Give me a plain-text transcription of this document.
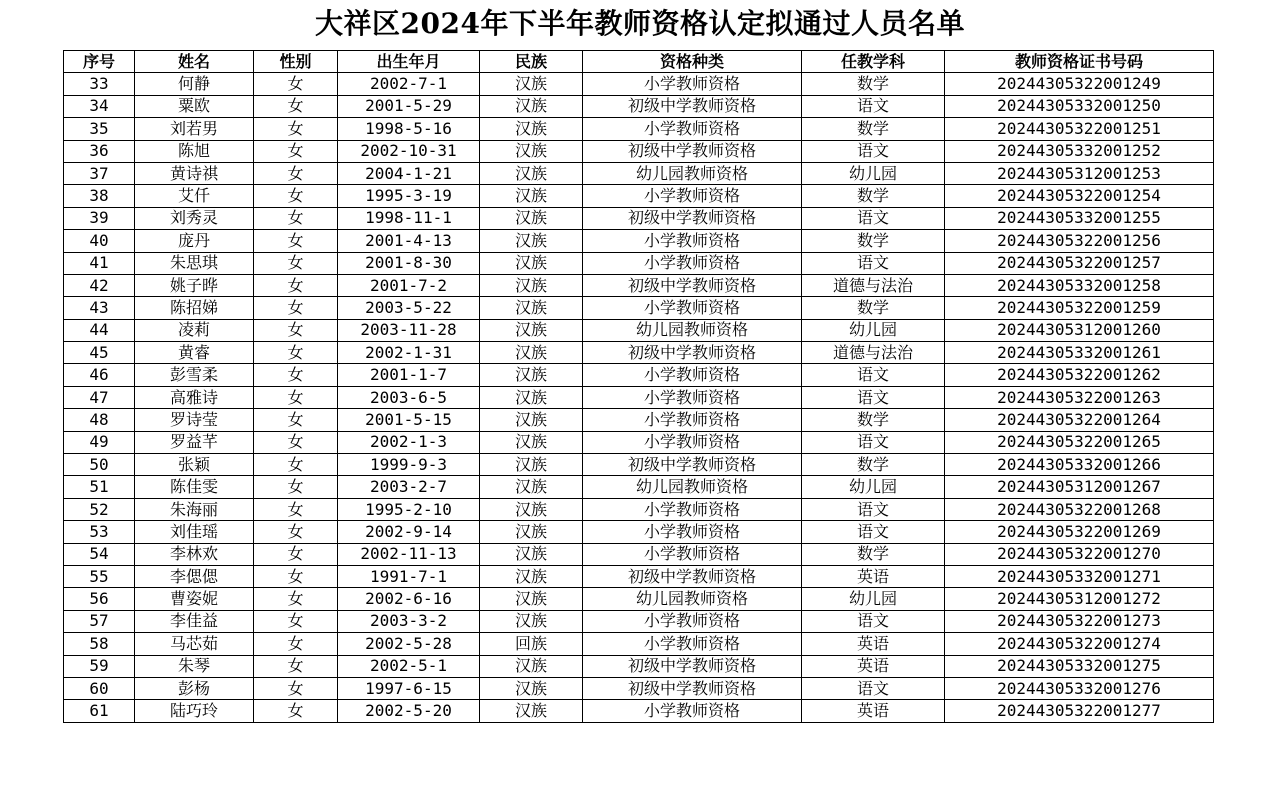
大祥区2024年下半年教师资格认定拟通过人员名单
序号	姓名	性别	出生年月	民族	资格种类	任教学科	教师资格证书号码
33	何静	女	2002-7-1	汉族	小学教师资格	数学	20244305322001249
34	粟欧	女	2001-5-29	汉族	初级中学教师资格	语文	20244305332001250
35	刘若男	女	1998-5-16	汉族	小学教师资格	数学	20244305322001251
36	陈旭	女	2002-10-31	汉族	初级中学教师资格	语文	20244305332001252
37	黄诗祺	女	2004-1-21	汉族	幼儿园教师资格	幼儿园	20244305312001253
38	艾仟	女	1995-3-19	汉族	小学教师资格	数学	20244305322001254
39	刘秀灵	女	1998-11-1	汉族	初级中学教师资格	语文	20244305332001255
40	庞丹	女	2001-4-13	汉族	小学教师资格	数学	20244305322001256
41	朱思琪	女	2001-8-30	汉族	小学教师资格	语文	20244305322001257
42	姚子晔	女	2001-7-2	汉族	初级中学教师资格	道德与法治	20244305332001258
43	陈招娣	女	2003-5-22	汉族	小学教师资格	数学	20244305322001259
44	凌莉	女	2003-11-28	汉族	幼儿园教师资格	幼儿园	20244305312001260
45	黄睿	女	2002-1-31	汉族	初级中学教师资格	道德与法治	20244305332001261
46	彭雪柔	女	2001-1-7	汉族	小学教师资格	语文	20244305322001262
47	高雅诗	女	2003-6-5	汉族	小学教师资格	语文	20244305322001263
48	罗诗莹	女	2001-5-15	汉族	小学教师资格	数学	20244305322001264
49	罗益芊	女	2002-1-3	汉族	小学教师资格	语文	20244305322001265
50	张颖	女	1999-9-3	汉族	初级中学教师资格	数学	20244305332001266
51	陈佳雯	女	2003-2-7	汉族	幼儿园教师资格	幼儿园	20244305312001267
52	朱海丽	女	1995-2-10	汉族	小学教师资格	语文	20244305322001268
53	刘佳瑶	女	2002-9-14	汉族	小学教师资格	语文	20244305322001269
54	李林欢	女	2002-11-13	汉族	小学教师资格	数学	20244305322001270
55	李偲偲	女	1991-7-1	汉族	初级中学教师资格	英语	20244305332001271
56	曹姿妮	女	2002-6-16	汉族	幼儿园教师资格	幼儿园	20244305312001272
57	李佳益	女	2003-3-2	汉族	小学教师资格	语文	20244305322001273
58	马芯茹	女	2002-5-28	回族	小学教师资格	英语	20244305322001274
59	朱琴	女	2002-5-1	汉族	初级中学教师资格	英语	20244305332001275
60	彭杨	女	1997-6-15	汉族	初级中学教师资格	语文	20244305332001276
61	陆巧玲	女	2002-5-20	汉族	小学教师资格	英语	20244305322001277
